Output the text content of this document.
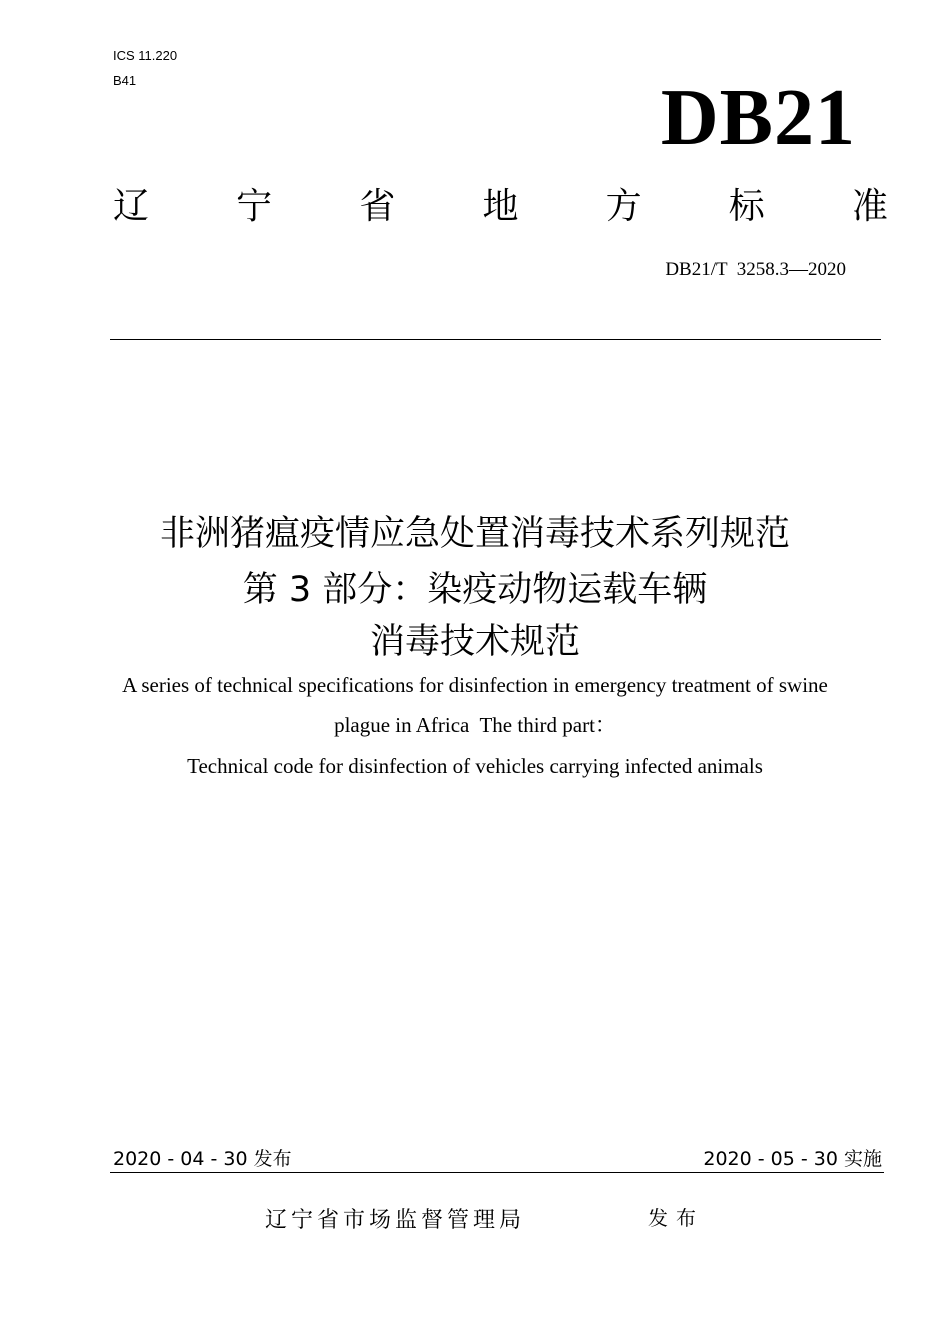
ICS 11.220
B41	DB21
辽 宁 省 地 方 标 准
DB21/T  3258.3—2020
非洲猪瘟疫情应急处置消毒技术系列规范
第 3 部分：染疫动物运载车辆
消毒技术规范
A series of technical specifications for disinfection in emergency treatment of swine
plague in Africa  The third part：
Technical code for disinfection of vehicles carrying infected animals
2020 - 04 - 30 发布	2020 - 05 - 30 实施
辽宁省市场监督管理局	发布
